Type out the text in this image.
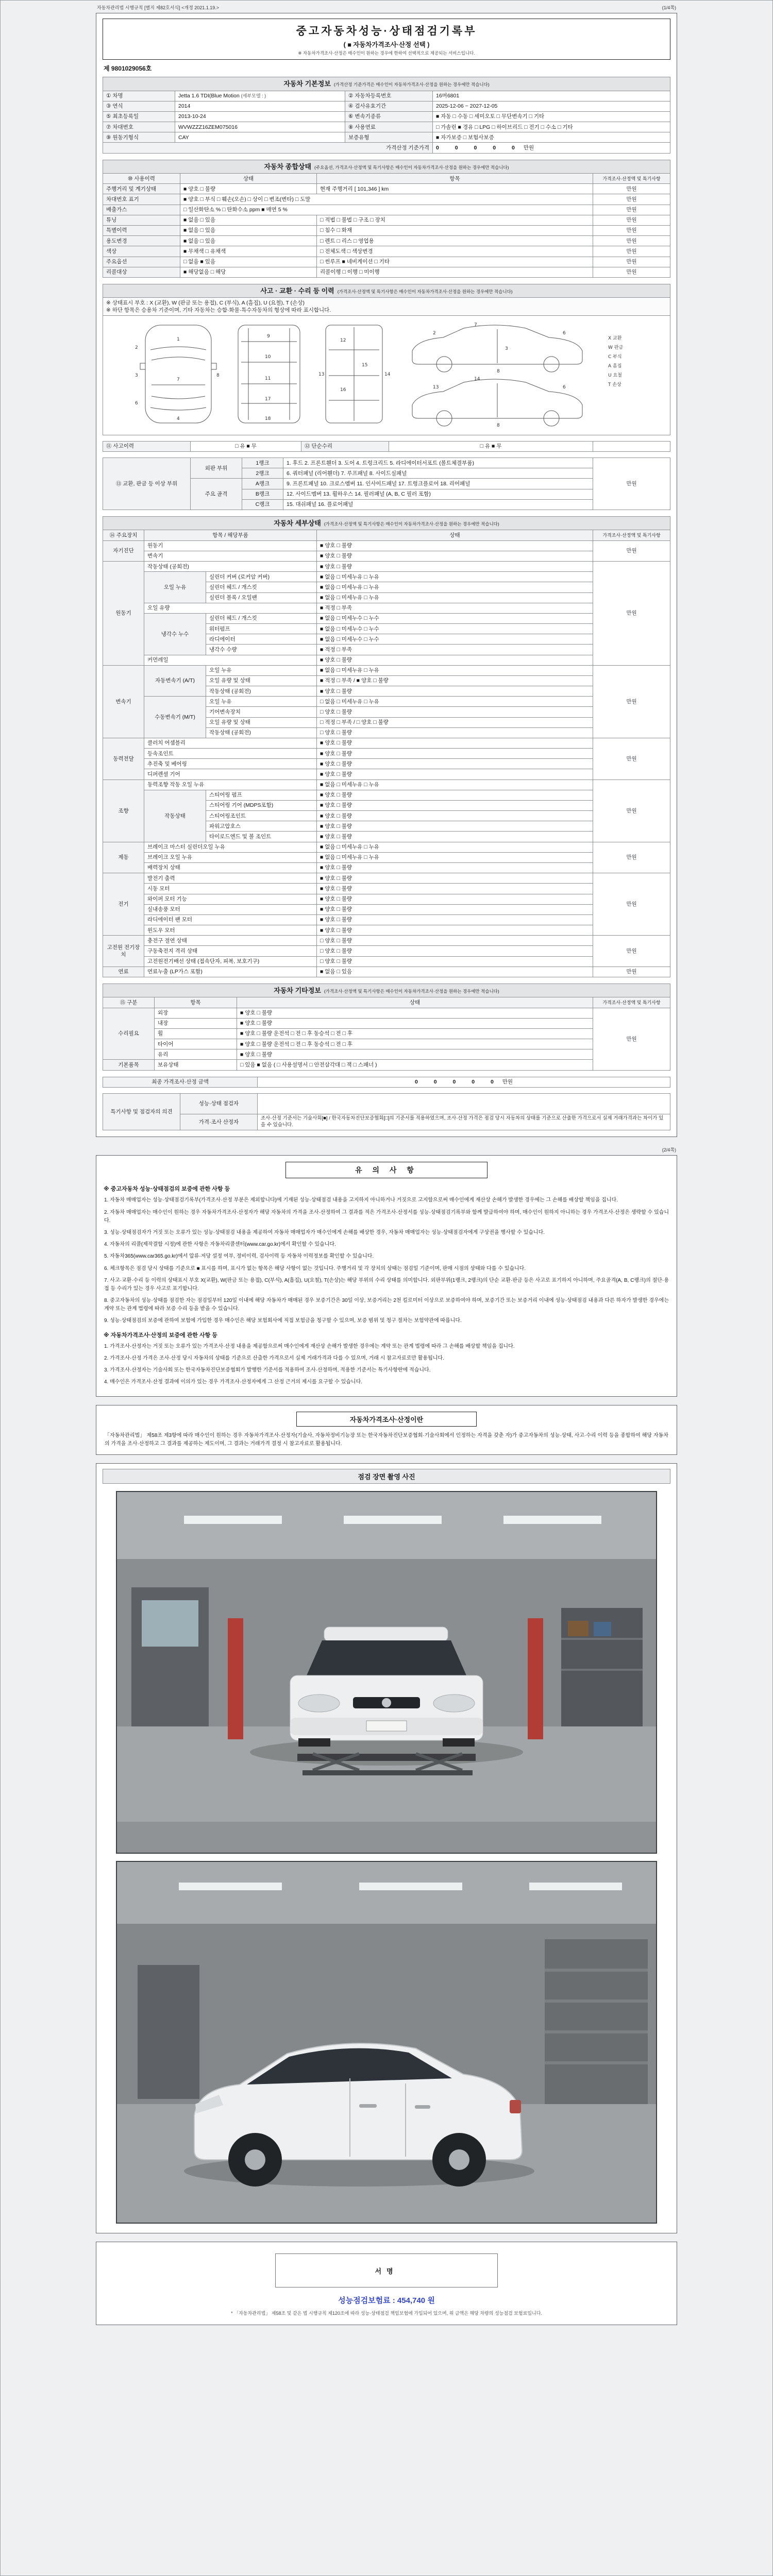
자동차관리법 시행규칙 [별지 제82호서식] <개정 2021.1.19.>	(1/4쪽)
중고자동차성능·상태점검기록부
( ■ 자동차가격조사·산정 선택 )
※ 자동차가격조사·산정은 매수인이 원하는 경우에 한하여 선택적으로 제공되는 서비스입니다.
제 9801029056호
자동차 기본정보 (가격산정 기준가격은 매수인이 자동차가격조사·산정을 원하는 경우에만 적습니다)			
① 차명	Jetta 1.6 TDI(Blue Motion (세부모델 : )	② 자동차등록번호	16머6801
③ 연식	2014	④ 검사유효기간	2025-12-06 ~ 2027-12-05
⑤ 최초등록일	2013-10-24	⑥ 변속기종류	■ 자동 □ 수동 □ 세미오토 □ 무단변속기 □ 기타
⑦ 차대번호	WVWZZZ16ZEM075016	⑧ 사용연료	□ 가솔린 ■ 경유 □ LPG □ 하이브리드 □ 전기 □ 수소 □ 기타
⑨ 원동기형식	CAY	보증유형	■ 자가보증 □ 보험사보증
가격산정 기준가격			0 0 0 0 0 만원
자동차 종합상태 (주요옵션, 가격조사·산정액 및 특기사항은 매수인이 자동차가격조사·산정을 원하는 경우에만 적습니다)			
⑩ 사용이력	상태	항목	가격조사·산정액 및 특기사항
주행거리 및 계기상태	■ 양호 □ 불량	현재 주행거리 [ 101,346 ] km	만원
차대번호 표기	■ 양호 □ 부식 □ 훼손(오손) □ 상이 □ 변조(변타) □ 도말		만원
배출가스	□ 일산화탄소 % □ 탄화수소 ppm ■ 매연 5 %		만원
튜닝	■ 없음 □ 있음	□ 적법 □ 불법 □ 구조 □ 장치	만원
특별이력	■ 없음 □ 있음	□ 침수 □ 화재	만원
용도변경	■ 없음 □ 있음	□ 렌트 □ 리스 □ 영업용	만원
색상	■ 무채색 □ 유채색	□ 전체도색 □ 색상변경	만원
주요옵션	□ 없음 ■ 있음	□ 썬루프 ■ 네비게이션 □ 기타	만원
리콜대상	■ 해당없음 □ 해당	리콜이행 □ 이행 □ 미이행	만원
사고 · 교환 · 수리 등 이력 (가격조사·산정액 및 특기사항은 매수인이 자동차가격조사·산정을 원하는 경우에만 적습니다)

※ 상태표시 부호 : X (교환), W (판금 또는 용접), C (부식), A (흠집), U (요철), T (손상)
※ 하단 항목은 승용차 기준이며, 기타 자동차는 승합·화물·특수자동차의 형상에 따라 표시합니다.

1
7
4
2
3
6
8
9
10
11
17
18
12
15
16
13	14
7
3
2	6
8
13
14
6
8
X 교환
W 판금
C 부식
A 흠집
U 요철
T 손상
⑪ 사고이력	□ 유 ■ 무	⑫ 단순수리	□ 유 ■ 무	
⑬ 교환, 판금 등 이상 부위	외판 부위	1랭크	1. 후드 2. 프론트휀더 3. 도어 4. 트렁크리드 5. 라디에이터서포트 (볼트체결부품)	만원
		2랭크	6. 쿼터패널 (리어휀더) 7. 루프패널 8. 사이드실패널	
	주요 골격	A랭크	9. 프론트패널 10. 크로스멤버 11. 인사이드패널 17. 트렁크플로어 18. 리어패널	
		B랭크	12. 사이드멤버 13. 휠하우스 14. 필러패널 (A, B, C 필러 포함)	
		C랭크	15. 대쉬패널 16. 플로어패널	
자동차 세부상태 (가격조사·산정액 및 특기사항은 매수인이 자동차가격조사·산정을 원하는 경우에만 적습니다)				
⑭ 주요장치	항목 / 해당부품		상태	가격조사·산정액 및 특기사항
자기진단	원동기		■ 양호 □ 불량	만원
	변속기		■ 양호 □ 불량	
원동기	작동상태 (공회전)		■ 양호 □ 불량	만원
	오일 누유	실린더 커버 (로커암 커버)	■ 없음 □ 미세누유 □ 누유	
		실린더 헤드 / 개스킷	■ 없음 □ 미세누유 □ 누유	
		실린더 블록 / 오일팬	■ 없음 □ 미세누유 □ 누유	
	오일 유량		■ 적정 □ 부족	
	냉각수 누수	실린더 헤드 / 개스킷	■ 없음 □ 미세누수 □ 누수	
		워터펌프	■ 없음 □ 미세누수 □ 누수	
		라디에이터	■ 없음 □ 미세누수 □ 누수	
		냉각수 수량	■ 적정 □ 부족	
	커먼레일		■ 양호 □ 불량	
변속기	자동변속기 (A/T)	오일 누유	■ 없음 □ 미세누유 □ 누유	만원
		오일 유량 및 상태	■ 적정 □ 부족 / ■ 양호 □ 불량	
		작동상태 (공회전)	■ 양호 □ 불량	
	수동변속기 (M/T)	오일 누유	□ 없음 □ 미세누유 □ 누유	
		기어변속장치	□ 양호 □ 불량	
		오일 유량 및 상태	□ 적정 □ 부족 / □ 양호 □ 불량	
		작동상태 (공회전)	□ 양호 □ 불량	
동력전달	클러치 어셈블리		■ 양호 □ 불량	만원
	등속조인트		■ 양호 □ 불량	
	추진축 및 베어링		■ 양호 □ 불량	
	디퍼렌셜 기어		■ 양호 □ 불량	
조향	동력조향 작동 오일 누유		■ 없음 □ 미세누유 □ 누유	만원
	작동상태	스티어링 펌프	■ 양호 □ 불량	
		스티어링 기어 (MDPS포함)	■ 양호 □ 불량	
		스티어링조인트	■ 양호 □ 불량	
		파워고압호스	■ 양호 □ 불량	
		타이로드엔드 및 볼 조인트	■ 양호 □ 불량	
제동	브레이크 마스터 실린더오일 누유		■ 없음 □ 미세누유 □ 누유	만원
	브레이크 오일 누유		■ 없음 □ 미세누유 □ 누유	
	배력장치 상태		■ 양호 □ 불량	
전기	발전기 출력		■ 양호 □ 불량	만원
	시동 모터		■ 양호 □ 불량	
	와이퍼 모터 기능		■ 양호 □ 불량	
	실내송풍 모터		■ 양호 □ 불량	
	라디에이터 팬 모터		■ 양호 □ 불량	
	윈도우 모터		■ 양호 □ 불량	
고전원 전기장치	충전구 절연 상태		□ 양호 □ 불량	만원
	구동축전지 격리 상태		□ 양호 □ 불량	
	고전원전기배선 상태 (접속단자, 피복, 보호기구)		□ 양호 □ 불량	
연료	연료누출 (LP가스 포함)		■ 없음 □ 있음	만원
자동차 기타정보 (가격조사·산정액 및 특기사항은 매수인이 자동차가격조사·산정을 원하는 경우에만 적습니다)			
⑮ 구분	항목	상태	가격조사·산정액 및 특기사항
수리필요	외장	■ 양호 □ 불량	만원
	내장	■ 양호 □ 불량	
	휠	■ 양호 □ 불량 운전석 □ 전 □ 후 동승석 □ 전 □ 후	
	타이어	■ 양호 □ 불량 운전석 □ 전 □ 후 동승석 □ 전 □ 후	
	유리	■ 양호 □ 불량	
기본품목	보유상태	□ 있음 ■ 없음 ( □ 사용설명서 □ 안전삼각대 □ 잭 □ 스패너 )	
최종 가격조사·산정 금액	0 0 0 0 0 만원
특기사항 및 점검자의 의견	성능·상태 점검자	
	가격·조사 산정자	조사·산정 기준서는 기술사회[■] / 한국자동차진단보증협회[□]의 기준서를 적용하였으며, 조사·산정 가격은 점검 당시 자동차의 상태를 기준으로 산출한 가격으로서 실제 거래가격과는 차이가 있을 수 있습니다.
(2/4쪽)
유 의 사 항
※ 중고자동차 성능·상태점검의 보증에 관한 사항 등
1. 자동차 매매업자는 성능·상태점검기록부(가격조사·산정 부분은 제외합니다)에 기재된 성능·상태점검 내용을 고지하지 아니하거나 거짓으로 고지함으로써 매수인에게 재산상 손해가 발생한 경우에는 그 손해를 배상할 책임을 집니다.
2. 자동차 매매업자는 매수인이 원하는 경우 자동차가격조사·산정자가 해당 자동차의 가격을 조사·산정하여 그 결과를 적은 가격조사·산정서를 성능·상태점검기록부와 함께 발급하여야 하며, 매수인이 원하지 아니하는 경우 가격조사·산정은 생략할 수 있습니다.
3. 성능·상태점검자가 거짓 또는 오류가 있는 성능·상태점검 내용을 제공하여 자동차 매매업자가 매수인에게 손해를 배상한 경우, 자동차 매매업자는 성능·상태점검자에게 구상권을 행사할 수 있습니다.
4. 자동차의 리콜(제작결함 시정)에 관한 사항은 자동차리콜센터(www.car.go.kr)에서 확인할 수 있습니다.
5. 자동차365(www.car365.go.kr)에서 압류·저당 설정 여부, 정비이력, 검사이력 등 자동차 이력정보를 확인할 수 있습니다.
6. 체크항목은 점검 당시 상태를 기준으로 ■ 표시를 하며, 표시가 없는 항목은 해당 사항이 없는 것입니다. 주행거리 및 각 장치의 상태는 점검일 기준이며, 판매 시점의 상태와 다를 수 있습니다.
7. 사고·교환·수리 등 이력의 상태표시 부호 X(교환), W(판금 또는 용접), C(부식), A(흠집), U(요철), T(손상)는 해당 부위의 수리 상태를 의미합니다. 외판부위(1랭크, 2랭크)의 단순 교환·판금 등은 사고로 표기하지 아니하며, 주요골격(A, B, C랭크)의 절단·용접 등 수리가 있는 경우 사고로 표기합니다.
8. 중고자동차의 성능·상태를 점검한 자는 점검일부터 120일 이내에 해당 자동차가 매매된 경우 보증기간은 30일 이상, 보증거리는 2천 킬로미터 이상으로 보증하여야 하며, 보증기간 또는 보증거리 이내에 성능·상태점검 내용과 다른 하자가 발생한 경우에는 계약 또는 관계 법령에 따라 보증 수리 등을 받을 수 있습니다.
9. 성능·상태점검의 보증에 관하여 보험에 가입한 경우 매수인은 해당 보험회사에 직접 보험금을 청구할 수 있으며, 보증 범위 및 청구 절차는 보험약관에 따릅니다.
※ 자동차가격조사·산정의 보증에 관한 사항 등
1. 가격조사·산정자는 거짓 또는 오류가 있는 가격조사·산정 내용을 제공함으로써 매수인에게 재산상 손해가 발생한 경우에는 계약 또는 관계 법령에 따라 그 손해를 배상할 책임을 집니다.
2. 가격조사·산정 가격은 조사·산정 당시 자동차의 상태를 기준으로 산출한 가격으로서 실제 거래가격과 다를 수 있으며, 거래 시 참고자료로만 활용됩니다.
3. 가격조사·산정자는 기술사회 또는 한국자동차진단보증협회가 발행한 기준서를 적용하여 조사·산정하며, 적용한 기준서는 특기사항란에 적습니다.
4. 매수인은 가격조사·산정 결과에 이의가 있는 경우 가격조사·산정자에게 그 산정 근거의 제시를 요구할 수 있습니다.
자동차가격조사·산정이란
「자동차관리법」 제58조 제3항에 따라 매수인이 원하는 경우 자동차가격조사·산정자(기술사, 자동차정비기능장 또는 한국자동차진단보증협회·기술사회에서 인정하는 자격을 갖춘 자)가 중고자동차의 성능·상태, 사고·수리 이력 등을 종합하여 해당 자동차의 가격을 조사·산정하고 그 결과를 제공하는 제도이며, 그 결과는 거래가격 결정 시 참고자료로 활용됩니다.
점검 장면 촬영 사진
서명
성능점검보험료 : 454,740 원
* 「자동차관리법」 제58조 및 같은 법 시행규칙 제120조에 따라 성능·상태점검 책임보험에 가입되어 있으며, 위 금액은 해당 차량의 성능점검 보험료입니다.
